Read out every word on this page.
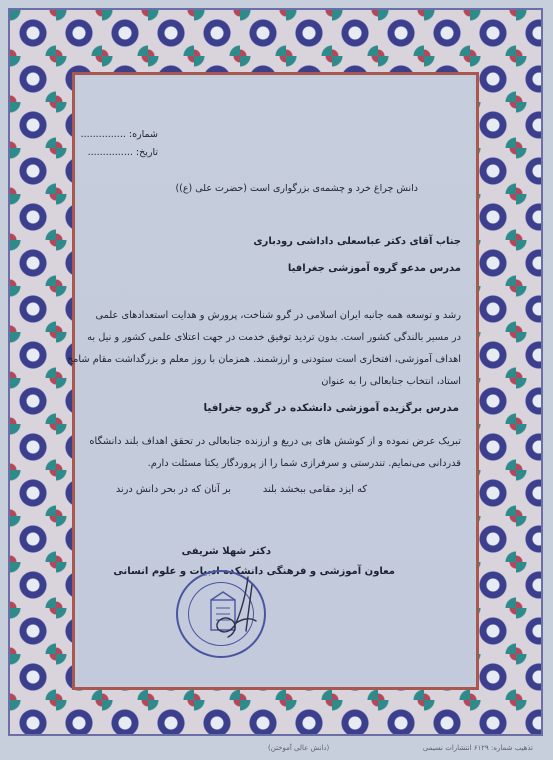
شماره: ...............
تاریخ: ...............
دانش چراغ خرد و چشمه‌ی بزرگواری است (حضرت علی (ع))
جناب آقای دکتر عباسعلی داداشی رودباری
مدرس مدعو گروه آموزشی جغرافیا
رشد و توسعه همه جانبه ایران اسلامی در گرو شناخت، پرورش و هدایت استعدادهای علمی
در مسیر بالندگی کشور است. بدون تردید توفیق خدمت در جهت اعتلای علمی کشور و نیل به
اهداف آموزشی، افتخاری است ستودنی و ارزشمند. همزمان با روز معلم و بزرگداشت مقام شامخ
استاد، انتخاب جنابعالی را به عنوان
مدرس برگزیده آموزشی دانشکده در گروه جغرافیا
تبریک عرض نموده و از کوشش های بی دریغ و ارزنده جنابعالی در تحقق اهداف بلند دانشگاه
قدردانی می‌نمایم. تندرستی و سرفرازی شما را از پروردگار یکتا مسئلت دارم.
که ایزد مقامی ببخشد بلند
بر آنان که در بحر دانش درند
دکتر شهلا شریفی
معاون آموزشی و فرهنگی دانشکده ادبیات و علوم انسانی
تذهیب شماره: ۶۱۲۹ انتشارات نسیمی
(دانش عالی آموختن)
